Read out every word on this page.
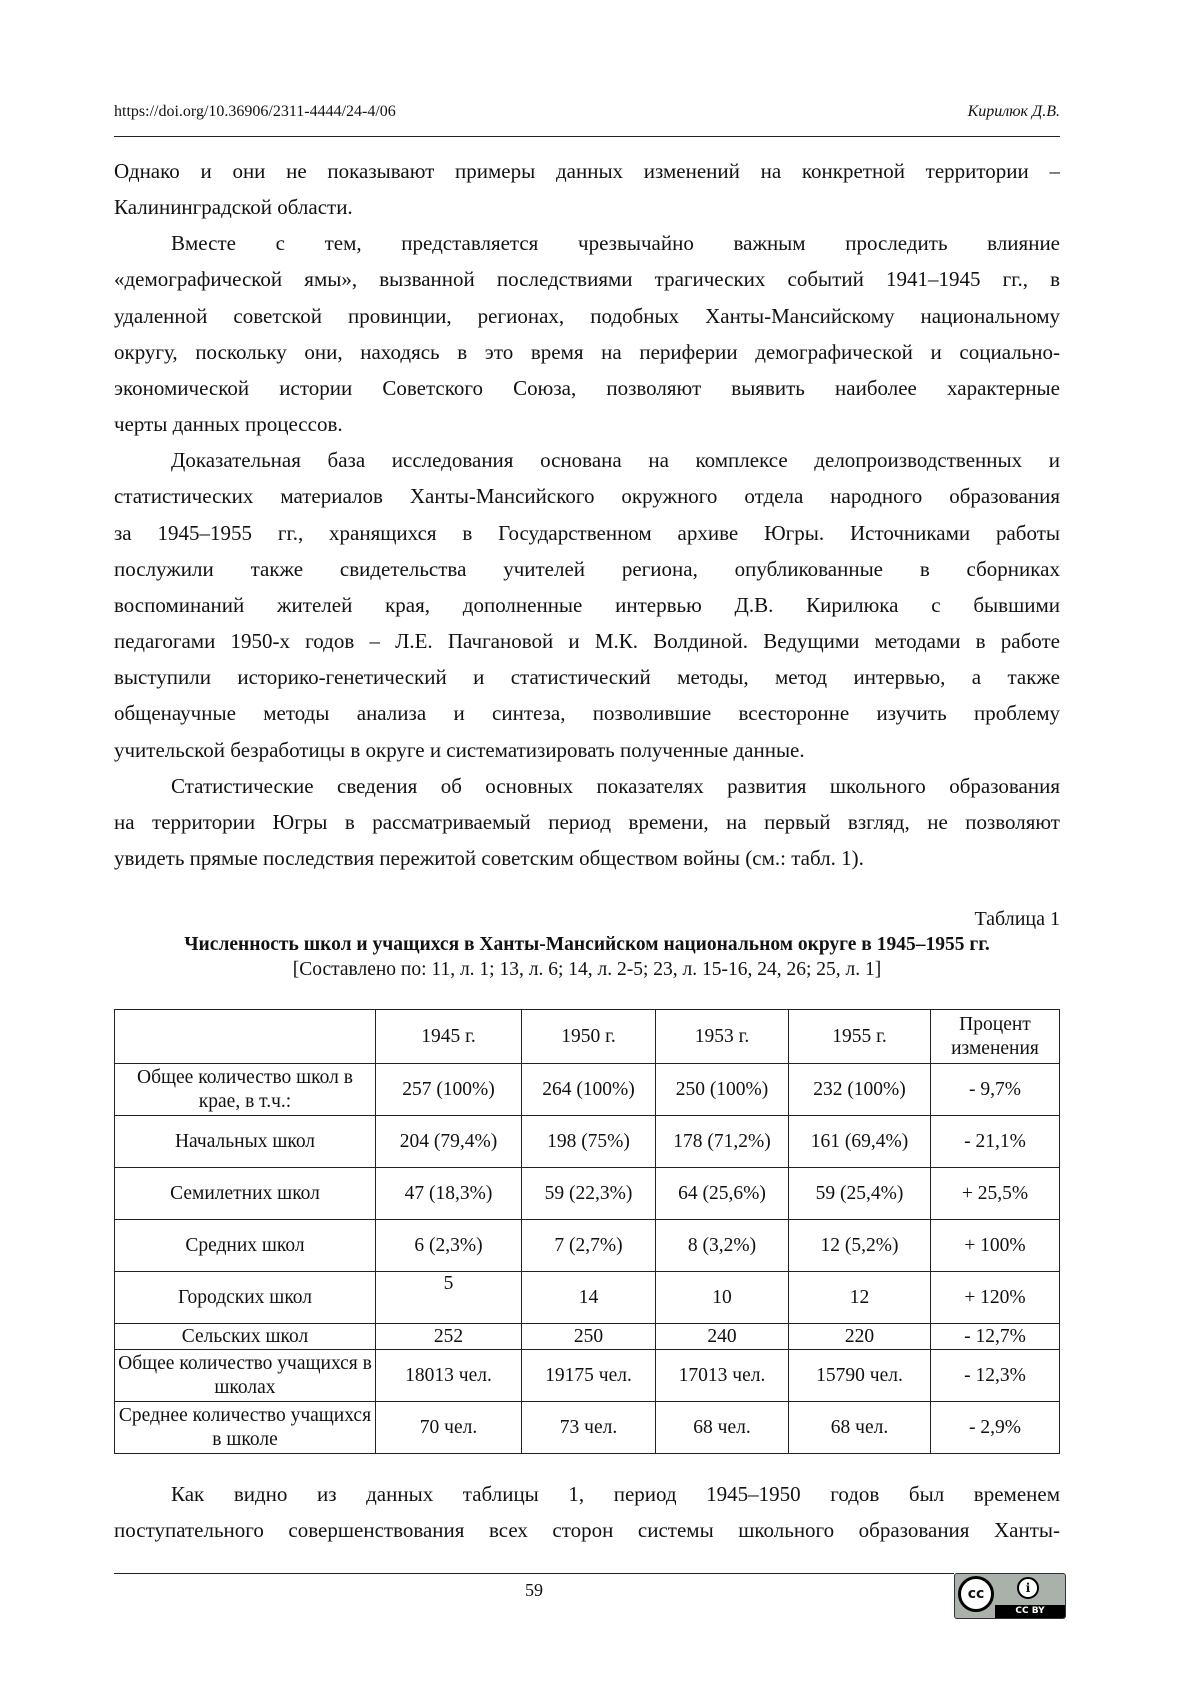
https://doi.org/10.36906/2311-4444/24-4/06	Кирилюк Д.В.
Однако и они не показывают примеры данных изменений на конкретной территории –
Калининградской области.
Вместе с тем, представляется чрезвычайно важным проследить влияние
«демографической ямы», вызванной последствиями трагических событий 1941–1945 гг., в
удаленной советской провинции, регионах, подобных Ханты-Мансийскому национальному
округу, поскольку они, находясь в это время на периферии демографической и социально-
экономической истории Советского Союза, позволяют выявить наиболее характерные
черты данных процессов.
Доказательная база исследования основана на комплексе делопроизводственных и
статистических материалов Ханты-Мансийского окружного отдела народного образования
за 1945–1955 гг., хранящихся в Государственном архиве Югры. Источниками работы
послужили также свидетельства учителей региона, опубликованные в сборниках
воспоминаний жителей края, дополненные интервью Д.В. Кирилюка с бывшими
педагогами 1950-х годов – Л.Е. Пачгановой и М.К. Волдиной. Ведущими методами в работе
выступили историко-генетический и статистический методы, метод интервью, а также
общенаучные методы анализа и синтеза, позволившие всесторонне изучить проблему
учительской безработицы в округе и систематизировать полученные данные.
Статистические сведения об основных показателях развития школьного образования
на территории Югры в рассматриваемый период времени, на первый взгляд, не позволяют
увидеть прямые последствия пережитой советским обществом войны (см.: табл. 1).
Таблица 1
Численность школ и учащихся в Ханты-Мансийском национальном округе в 1945–1955 гг.
[Составлено по: 11, л. 1; 13, л. 6; 14, л. 2-5; 23, л. 15-16, 24, 26; 25, л. 1]
	1945 г.	1950 г.	1953 г.	1955 г.	Процент изменения
Общее количество школ в крае, в т.ч.:	257 (100%)	264 (100%)	250 (100%)	232 (100%)	- 9,7%
Начальных школ	204 (79,4%)	198 (75%)	178 (71,2%)	161 (69,4%)	- 21,1%
Семилетних школ	47 (18,3%)	59 (22,3%)	64 (25,6%)	59 (25,4%)	+ 25,5%
Средних школ	6 (2,3%)	7 (2,7%)	8 (3,2%)	12 (5,2%)	+ 100%
Городских школ	5	14	10	12	+ 120%
Сельских школ	252	250	240	220	- 12,7%
Общее количество учащихся в школах	18013 чел.	19175 чел.	17013 чел.	15790 чел.	- 12,3%
Среднее количество учащихся в школе	70 чел.	73 чел.	68 чел.	68 чел.	- 2,9%
Как видно из данных таблицы 1, период 1945–1950 годов был временем
поступательного совершенствования всех сторон системы школьного образования Ханты-
59	cc	i
CC BY
